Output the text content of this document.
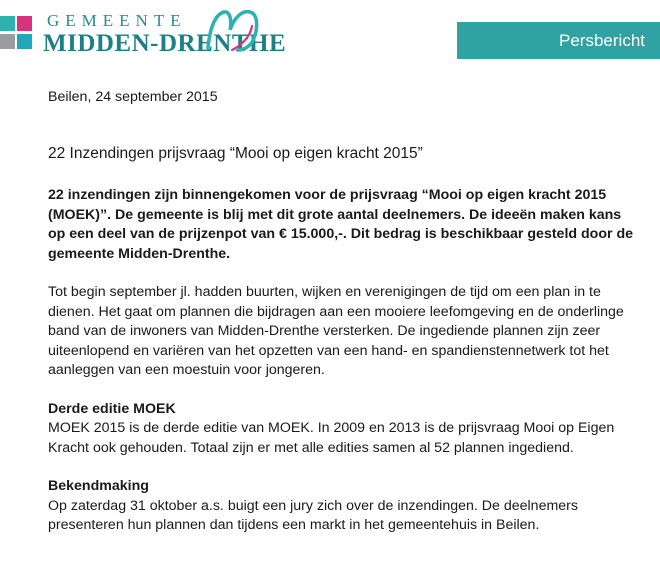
GEMEENTE
MIDDEN-DRENTHE	Persbericht

Beilen, 24 september 2015

22 Inzendingen prijsvraag “Mooi op eigen kracht 2015”

22 inzendingen zijn binnengekomen voor de prijsvraag “Mooi op eigen kracht 2015 (MOEK)”. De gemeente is blij met dit grote aantal deelnemers. De ideeën maken kans op een deel van de prijzenpot van € 15.000,-. Dit bedrag is beschikbaar gesteld door de gemeente Midden-Drenthe.

Tot begin september jl. hadden buurten, wijken en verenigingen de tijd om een plan in te dienen. Het gaat om plannen die bijdragen aan een mooiere leefomgeving en de onderlinge band van de inwoners van Midden-Drenthe versterken. De ingediende plannen zijn zeer uiteenlopend en variëren van het opzetten van een hand- en spandienstennetwerk tot het aanleggen van een moestuin voor jongeren.

Derde editie MOEK

MOEK 2015 is de derde editie van MOEK. In 2009 en 2013 is de prijsvraag Mooi op Eigen Kracht ook gehouden. Totaal zijn er met alle edities samen al 52 plannen ingediend.

Bekendmaking

Op zaterdag 31 oktober a.s. buigt een jury zich over de inzendingen. De deelnemers presenteren hun plannen dan tijdens een markt in het gemeentehuis in Beilen.
